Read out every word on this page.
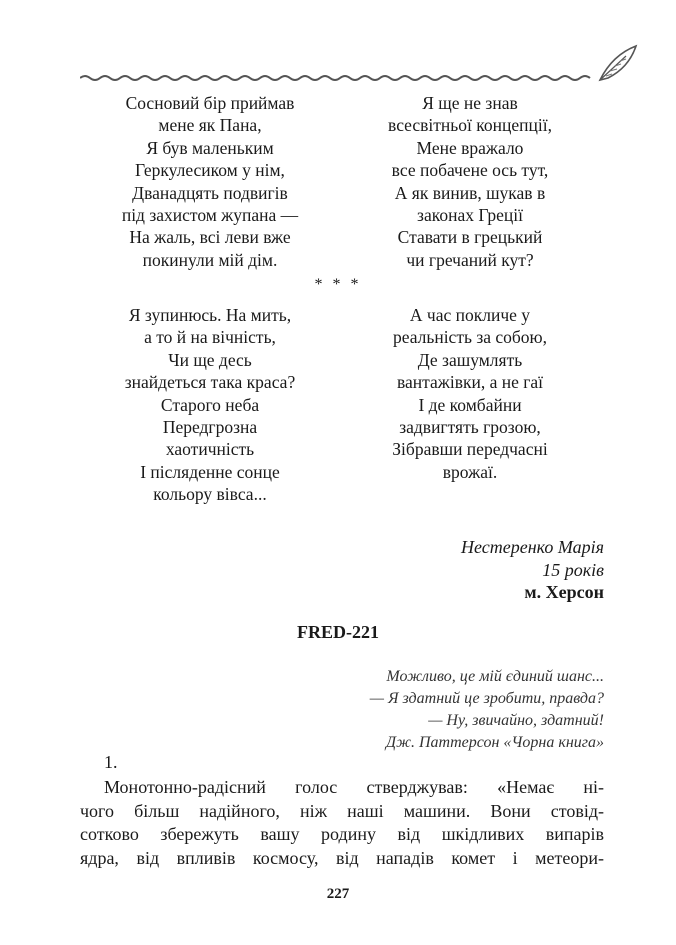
Сосновий бір приймав
мене як Пана,
Я був маленьким
Геркулесиком у нім,
Дванадцять подвигів
під захистом жупана —
На жаль, всі леви вже
покинули мій дім.
Я ще не знав
всесвітньої концепції,
Мене вражало
все побачене ось тут,
А як винив, шукав в
законах Греції
Ставати в грецький
чи гречаний кут?
* * *
Я зупинюсь. На мить,
а то й на вічність,
Чи ще десь
знайдеться така краса?
Старого неба
Передгрозна
хаотичність
І післяденне сонце
кольору вівса...
А час покличе у
реальність за собою,
Де зашумлять
вантажівки, а не гаї
І де комбайни
задвигтять грозою,
Зібравши передчасні
врожаї.
Нестеренко Марія
15 років
м. Херсон
FRED-221
Можливо, це мій єдиний шанс...
— Я здатний це зробити, правда?
— Ну, звичайно, здатний!
Дж. Паттерсон «Чорна книга»
1.
Монотонно-радісний голос стверджував: «Немає ні-
чого більш надійного, ніж наші машини. Вони стовід-
сотково збережуть вашу родину від шкідливих випарів
ядра, від впливів космосу, від нападів комет і метеори-
227
